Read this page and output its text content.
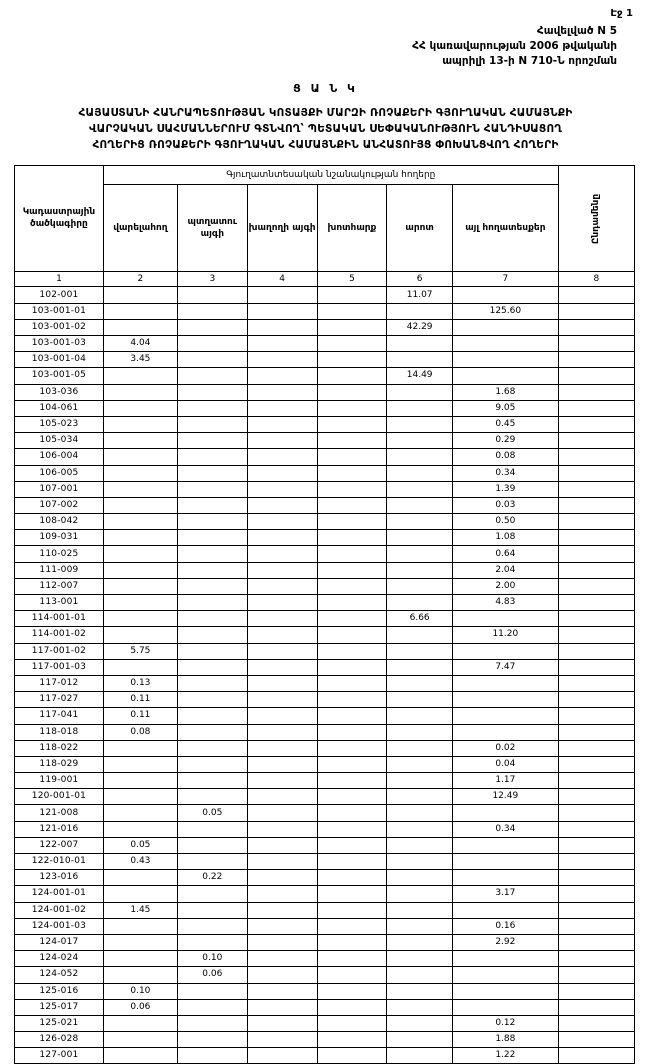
Էջ 1
Հավելված N 5
ՀՀ կառավարության 2006 թվականի
ապրիլի 13-ի N 710-Ն որոշման
Ց Ա Ն Կ
ՀԱՅԱՍՏԱՆԻ ՀԱՆՐԱՊԵՏՈՒԹՅԱՆ ԿՈՏԱՅՔԻ ՄԱՐԶԻ ՌՈՉԱՔԵՐԻ ԳՅՈՒՂԱԿԱՆ ՀԱՄԱՅՆՔԻ
ՎԱՐՉԱԿԱՆ ՍԱՀՄԱՆՆԵՐՈՒՄ ԳՏՆՎՈՂ՝ ՊԵՏԱԿԱՆ ՍԵՓԱԿԱՆՈՒԹՅՈՒՆ ՀԱՆԴԻՍԱՑՈՂ
ՀՈՂԵՐԻՑ ՌՈՉԱՔԵՐԻ ԳՅՈՒՂԱԿԱՆ ՀԱՄԱՅՆՔԻՆ ԱՆՀԱՏՈՒՅՑ ՓՈԽԱՆՑՎՈՂ ՀՈՂԵՐԻ
Կադաստրային ծածկագիրը	Գյուղատնտեսական նշանակության հողերը						Ընդամենը
	վարելահող	պտղատու այգի	խաղողի այգի	խոտհարք	արոտ	այլ հողատեսքեր	
1	2	3	4	5	6	7	8
102-001					11.07		
103-001-01						125.60	
103-001-02					42.29		
103-001-03	4.04						
103-001-04	3.45						
103-001-05					14.49		
103-036						1.68	
104-061						9.05	
105-023						0.45	
105-034						0.29	
106-004						0.08	
106-005						0.34	
107-001						1.39	
107-002						0.03	
108-042						0.50	
109-031						1.08	
110-025						0.64	
111-009						2.04	
112-007						2.00	
113-001						4.83	
114-001-01					6.66		
114-001-02						11.20	
117-001-02	5.75						
117-001-03						7.47	
117-012	0.13						
117-027	0.11						
117-041	0.11						
118-018	0.08						
118-022						0.02	
118-029						0.04	
119-001						1.17	
120-001-01						12.49	
121-008		0.05					
121-016						0.34	
122-007	0.05						
122-010-01	0.43						
123-016		0.22					
124-001-01						3.17	
124-001-02	1.45						
124-001-03						0.16	
124-017						2.92	
124-024		0.10					
124-052		0.06					
125-016	0.10						
125-017	0.06						
125-021						0.12	
126-028						1.88	
127-001						1.22	
